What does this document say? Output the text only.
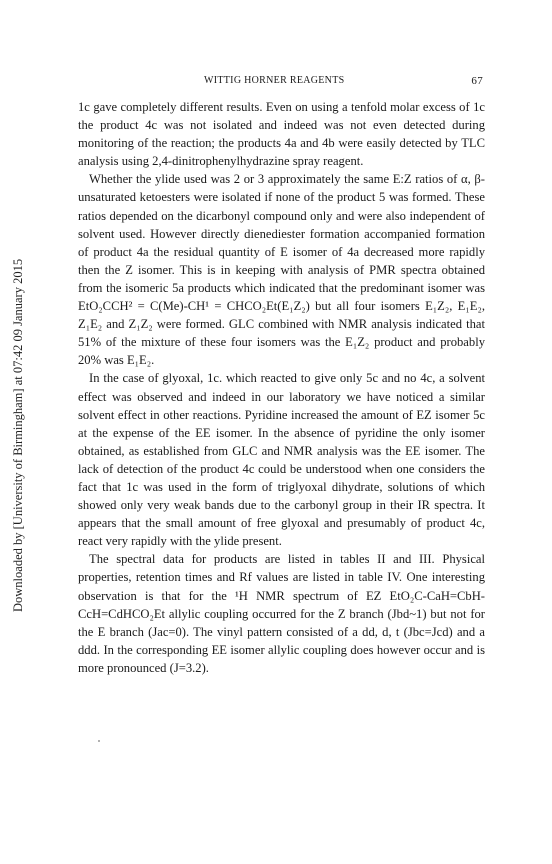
WITTIG HORNER REAGENTS	67
Downloaded by [University of Birmingham] at 07:42 09 January 2015

1c gave completely different results. Even on using a tenfold molar excess of 1c the product 4c was not isolated and indeed was not even detected during monitoring of the reaction; the products 4a and 4b were easily detected by TLC analysis using 2,4-dinitrophenylhydrazine spray reagent.

Whether the ylide used was 2 or 3 approximately the same E:Z ratios of α, β-unsaturated ketoesters were isolated if none of the product 5 was formed. These ratios depended on the dicarbonyl compound only and were also independent of solvent used. However directly dienediester formation accompanied formation of product 4a the residual quantity of E isomer of 4a decreased more rapidly then the Z isomer. This is in keeping with analysis of PMR spectra obtained from the isomeric 5a products which indicated that the predominant isomer was EtO₂CCH² = C(Me)-CH¹ = CHCO₂Et(E₁Z₂) but all four isomers E₁Z₂, E₁E₂, Z₁E₂ and Z₁Z₂ were formed. GLC combined with NMR analysis indicated that 51% of the mixture of these four isomers was the E₁Z₂ product and probably 20% was E₁E₂.

In the case of glyoxal, 1c. which reacted to give only 5c and no 4c, a solvent effect was observed and indeed in our laboratory we have noticed a similar solvent effect in other reactions. Pyridine increased the amount of EZ isomer 5c at the expense of the EE isomer. In the absence of pyridine the only isomer obtained, as established from GLC and NMR analysis was the EE isomer. The lack of detection of the product 4c could be understood when one considers the fact that 1c was used in the form of triglyoxal dihydrate, solutions of which showed only very weak bands due to the carbonyl group in their IR spectra. It appears that the small amount of free glyoxal and presumably of product 4c, react very rapidly with the ylide present.

The spectral data for products are listed in tables II and III. Physical properties, retention times and Rf values are listed in table IV. One interesting observation is that for the ¹H NMR spectrum of EZ EtO₂C-CaH=CbH-CcH=CdHCO₂Et allylic coupling occurred for the Z branch (Jbd~1) but not for the E branch (Jac=0). The vinyl pattern consisted of a dd, d, t (Jbc=Jcd) and a ddd. In the corresponding EE isomer allylic coupling does however occur and is more pronounced (J=3.2).
